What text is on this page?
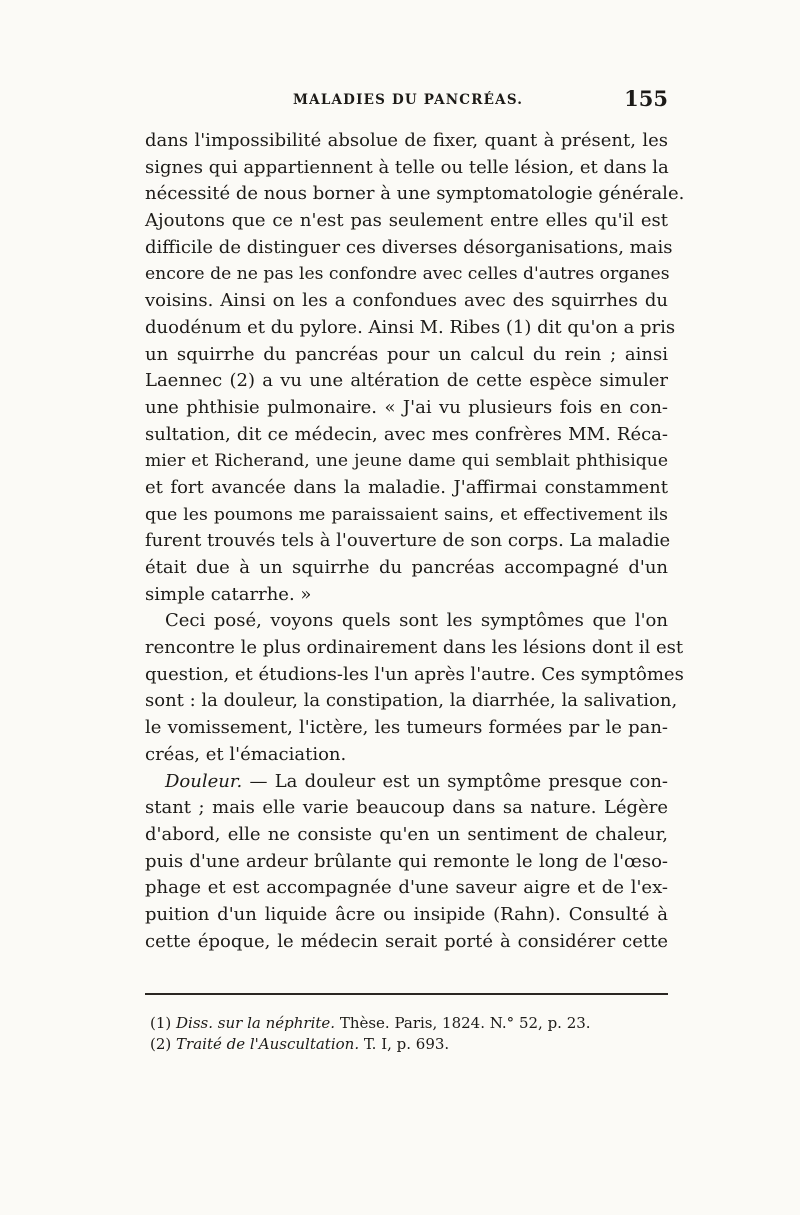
MALADIES DU PANCRÉAS.	155
dans l'impossibilité absolue de fixer, quant à présent, les
signes qui appartiennent à telle ou telle lésion, et dans la
nécessité de nous borner à une symptomatologie générale.
Ajoutons que ce n'est pas seulement entre elles qu'il est
difficile de distinguer ces diverses désorganisations, mais
encore de ne pas les confondre avec celles d'autres organes
voisins. Ainsi on les a confondues avec des squirrhes du
duodénum et du pylore. Ainsi M. Ribes (1) dit qu'on a pris
un squirrhe du pancréas pour un calcul du rein ; ainsi
Laennec (2) a vu une altération de cette espèce simuler
une phthisie pulmonaire. « J'ai vu plusieurs fois en con-
sultation, dit ce médecin, avec mes confrères MM. Réca-
mier et Richerand, une jeune dame qui semblait phthisique
et fort avancée dans la maladie. J'affirmai constamment
que les poumons me paraissaient sains, et effectivement ils
furent trouvés tels à l'ouverture de son corps. La maladie
était due à un squirrhe du pancréas accompagné d'un
simple catarrhe. »
Ceci posé, voyons quels sont les symptômes que l'on
rencontre le plus ordinairement dans les lésions dont il est
question, et étudions-les l'un après l'autre. Ces symptômes
sont : la douleur, la constipation, la diarrhée, la salivation,
le vomissement, l'ictère, les tumeurs formées par le pan-
créas, et l'émaciation.
Douleur. — La douleur est un symptôme presque con-
stant ; mais elle varie beaucoup dans sa nature. Légère
d'abord, elle ne consiste qu'en un sentiment de chaleur,
puis d'une ardeur brûlante qui remonte le long de l'œso-
phage et est accompagnée d'une saveur aigre et de l'ex-
puition d'un liquide âcre ou insipide (Rahn). Consulté à
cette époque, le médecin serait porté à considérer cette
(1) Diss. sur la néphrite. Thèse. Paris, 1824. N.° 52, p. 23.
(2) Traité de l'Auscultation. T. I, p. 693.
